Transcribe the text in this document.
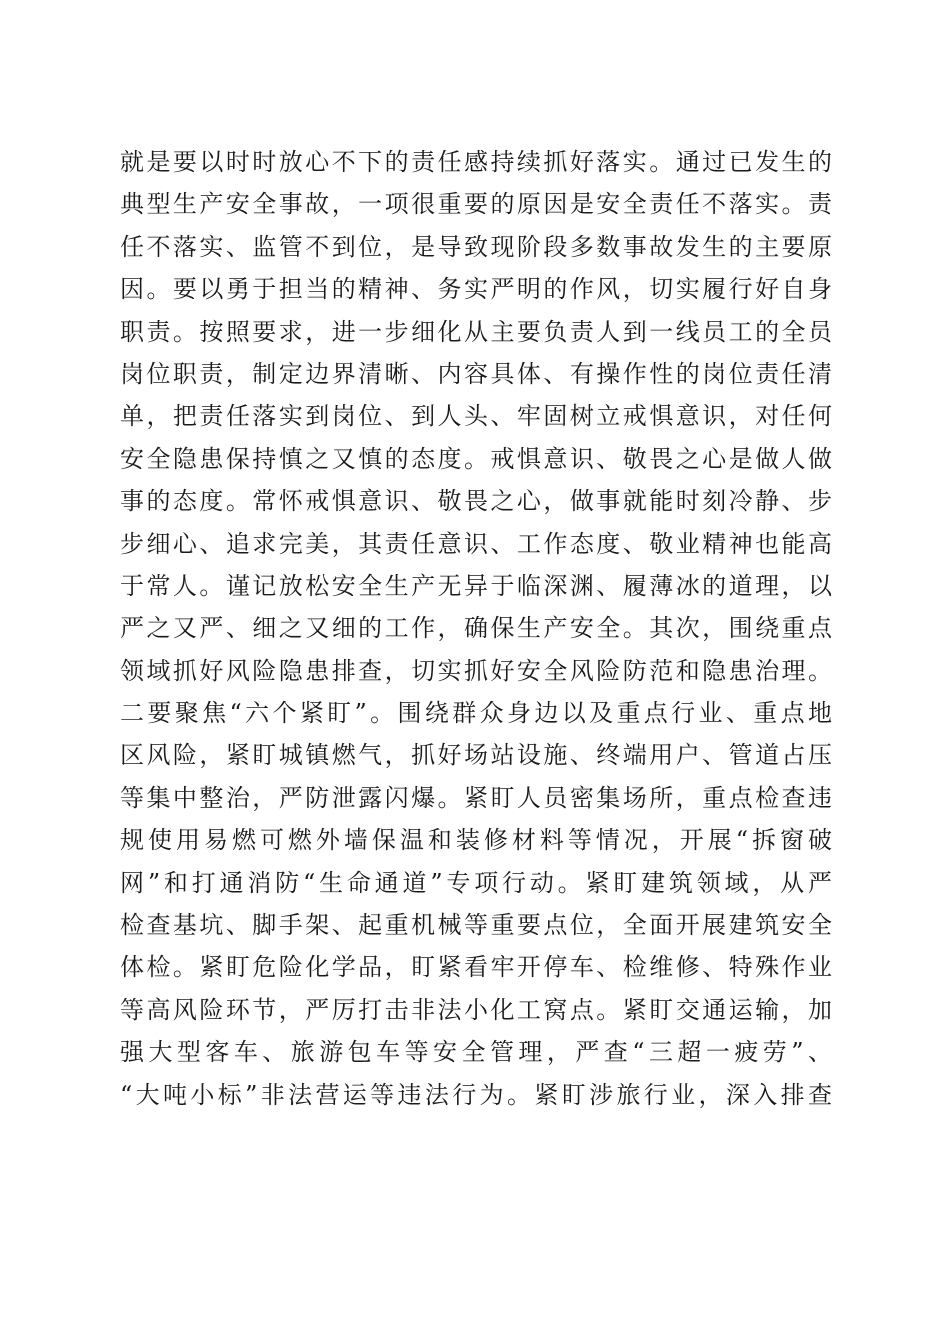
就是要以时时放心不下的责任感持续抓好落实。通过已发生的
典型生产安全事故，一项很重要的原因是安全责任不落实。责
任不落实、监管不到位，是导致现阶段多数事故发生的主要原
因。要以勇于担当的精神、务实严明的作风，切实履行好自身
职责。按照要求，进一步细化从主要负责人到一线员工的全员
岗位职责，制定边界清晰、内容具体、有操作性的岗位责任清
单，把责任落实到岗位、到人头、牢固树立戒惧意识，对任何
安全隐患保持慎之又慎的态度。戒惧意识、敬畏之心是做人做
事的态度。常怀戒惧意识、敬畏之心，做事就能时刻冷静、步
步细心、追求完美，其责任意识、工作态度、敬业精神也能高
于常人。谨记放松安全生产无异于临深渊、履薄冰的道理，以
严之又严、细之又细的工作，确保生产安全。其次，围绕重点
领域抓好风险隐患排查，切实抓好安全风险防范和隐患治理。
二要聚焦“六个紧盯”。围绕群众身边以及重点行业、重点地
区风险，紧盯城镇燃气，抓好场站设施、终端用户、管道占压
等集中整治，严防泄露闪爆。紧盯人员密集场所，重点检查违
规使用易燃可燃外墙保温和装修材料等情况，开展“拆窗破
网”和打通消防“生命通道”专项行动。紧盯建筑领域，从严
检查基坑、脚手架、起重机械等重要点位，全面开展建筑安全
体检。紧盯危险化学品，盯紧看牢开停车、检维修、特殊作业
等高风险环节，严厉打击非法小化工窝点。紧盯交通运输，加
强大型客车、旅游包车等安全管理，严查“三超一疲劳”、
“大吨小标”非法营运等违法行为。紧盯涉旅行业，深入排查
